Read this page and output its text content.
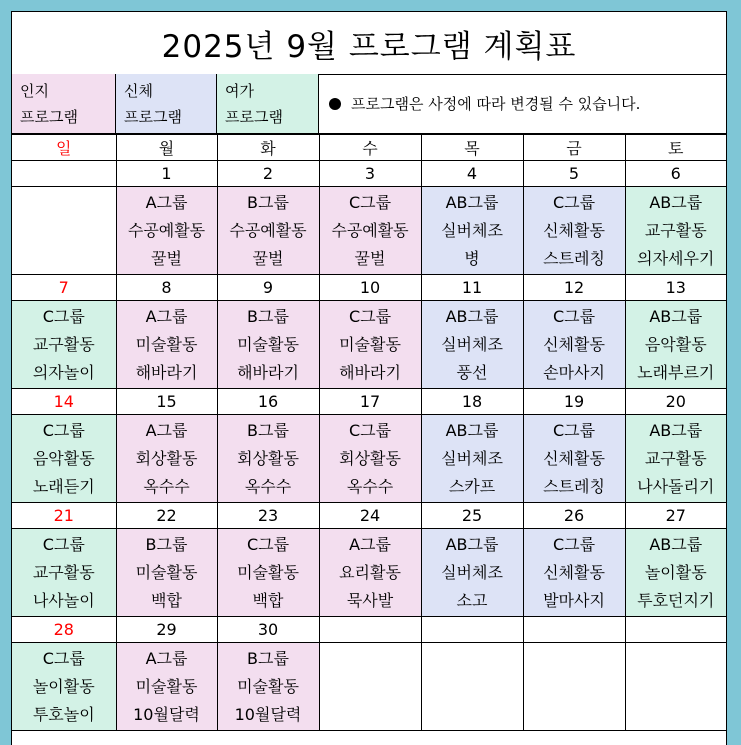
2025년 9월 프로그램 계획표
인지
프로그램
신체
프로그램
여가
프로그램
프로그램은 사정에 따라 변경될 수 있습니다.
일	월	화	수	목	금	토
	1	2	3	4	5	6

	A그룹
수공예활동
꿀벌	B그룹
수공예활동
꿀벌	C그룹
수공예활동
꿀벌	AB그룹
실버체조
병	C그룹
신체활동
스트레칭	AB그룹
교구활동
의자세우기

7	8	9	10	11	12	13

C그룹
교구활동
의자놀이	A그룹
미술활동
해바라기	B그룹
미술활동
해바라기	C그룹
미술활동
해바라기	AB그룹
실버체조
풍선	C그룹
신체활동
손마사지	AB그룹
음악활동
노래부르기

14	15	16	17	18	19	20

C그룹
음악활동
노래듣기	A그룹
회상활동
옥수수	B그룹
회상활동
옥수수	C그룹
회상활동
옥수수	AB그룹
실버체조
스카프	C그룹
신체활동
스트레칭	AB그룹
교구활동
나사돌리기

21	22	23	24	25	26	27

C그룹
교구활동
나사놀이	B그룹
미술활동
백합	C그룹
미술활동
백합	A그룹
요리활동
묵사발	AB그룹
실버체조
소고	C그룹
신체활동
발마사지	AB그룹
놀이활동
투호던지기

28	29	30				

C그룹
놀이활동
투호놀이	A그룹
미술활동
10월달력	B그룹
미술활동
10월달력				
